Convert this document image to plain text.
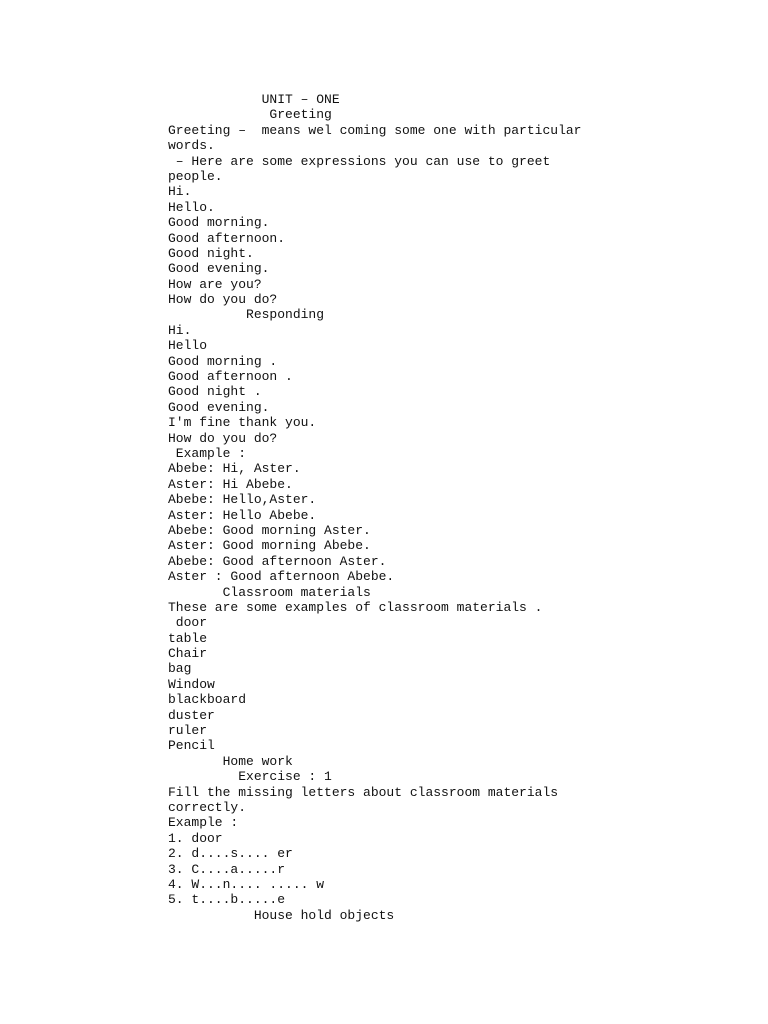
UNIT – ONE
Greeting
Greeting –  means wel coming some one with particular
words.
– Here are some expressions you can use to greet
people.
Hi.
Hello.
Good morning.
Good afternoon.
Good night.
Good evening.
How are you?
How do you do?
Responding
Hi.
Hello
Good morning .
Good afternoon .
Good night .
Good evening.
I'm fine thank you.
How do you do?
Example :
Abebe: Hi, Aster.
Aster: Hi Abebe.
Abebe: Hello,Aster.
Aster: Hello Abebe.
Abebe: Good morning Aster.
Aster: Good morning Abebe.
Abebe: Good afternoon Aster.
Aster : Good afternoon Abebe.
Classroom materials
These are some examples of classroom materials .
door
table
Chair
bag
Window
blackboard
duster
ruler
Pencil
Home work
Exercise : 1
Fill the missing letters about classroom materials
correctly.
Example :
1. door
2. d....s.... er
3. C....a.....r
4. W...n.... ..... w
5. t....b.....e
House hold objects
